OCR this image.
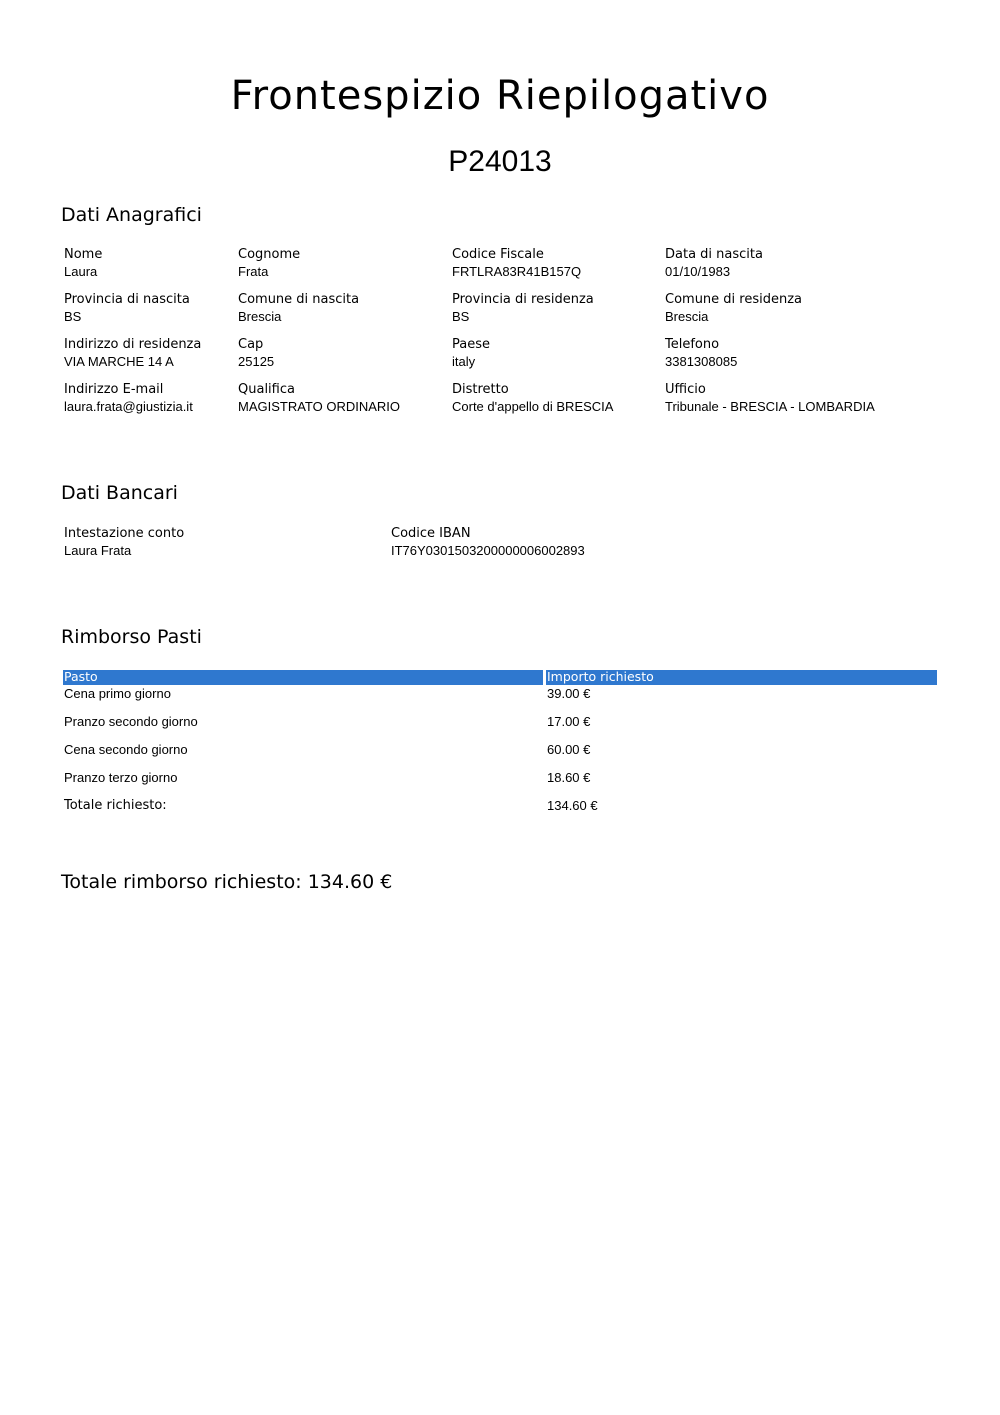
Frontespizio Riepilogativo
P24013
Dati Anagrafici
Nome
Laura
Cognome
Frata
Codice Fiscale
FRTLRA83R41B157Q
Data di nascita
01/10/1983
Provincia di nascita
BS
Comune di nascita
Brescia
Provincia di residenza
BS
Comune di residenza
Brescia
Indirizzo di residenza
VIA MARCHE 14 A
Cap
25125
Paese
italy
Telefono
3381308085
Indirizzo E-mail
laura.frata@giustizia.it
Qualifica
MAGISTRATO ORDINARIO
Distretto
Corte d'appello di BRESCIA
Ufficio
Tribunale - BRESCIA - LOMBARDIA
Dati Bancari
Intestazione conto
Laura Frata
Codice IBAN
IT76Y0301503200000006002893
Rimborso Pasti
Pasto	Importo richiesto
Cena primo giorno	39.00 €
Pranzo secondo giorno	17.00 €
Cena secondo giorno	60.00 €
Pranzo terzo giorno	18.60 €
Totale richiesto:	134.60 €
Totale rimborso richiesto: 134.60 €
